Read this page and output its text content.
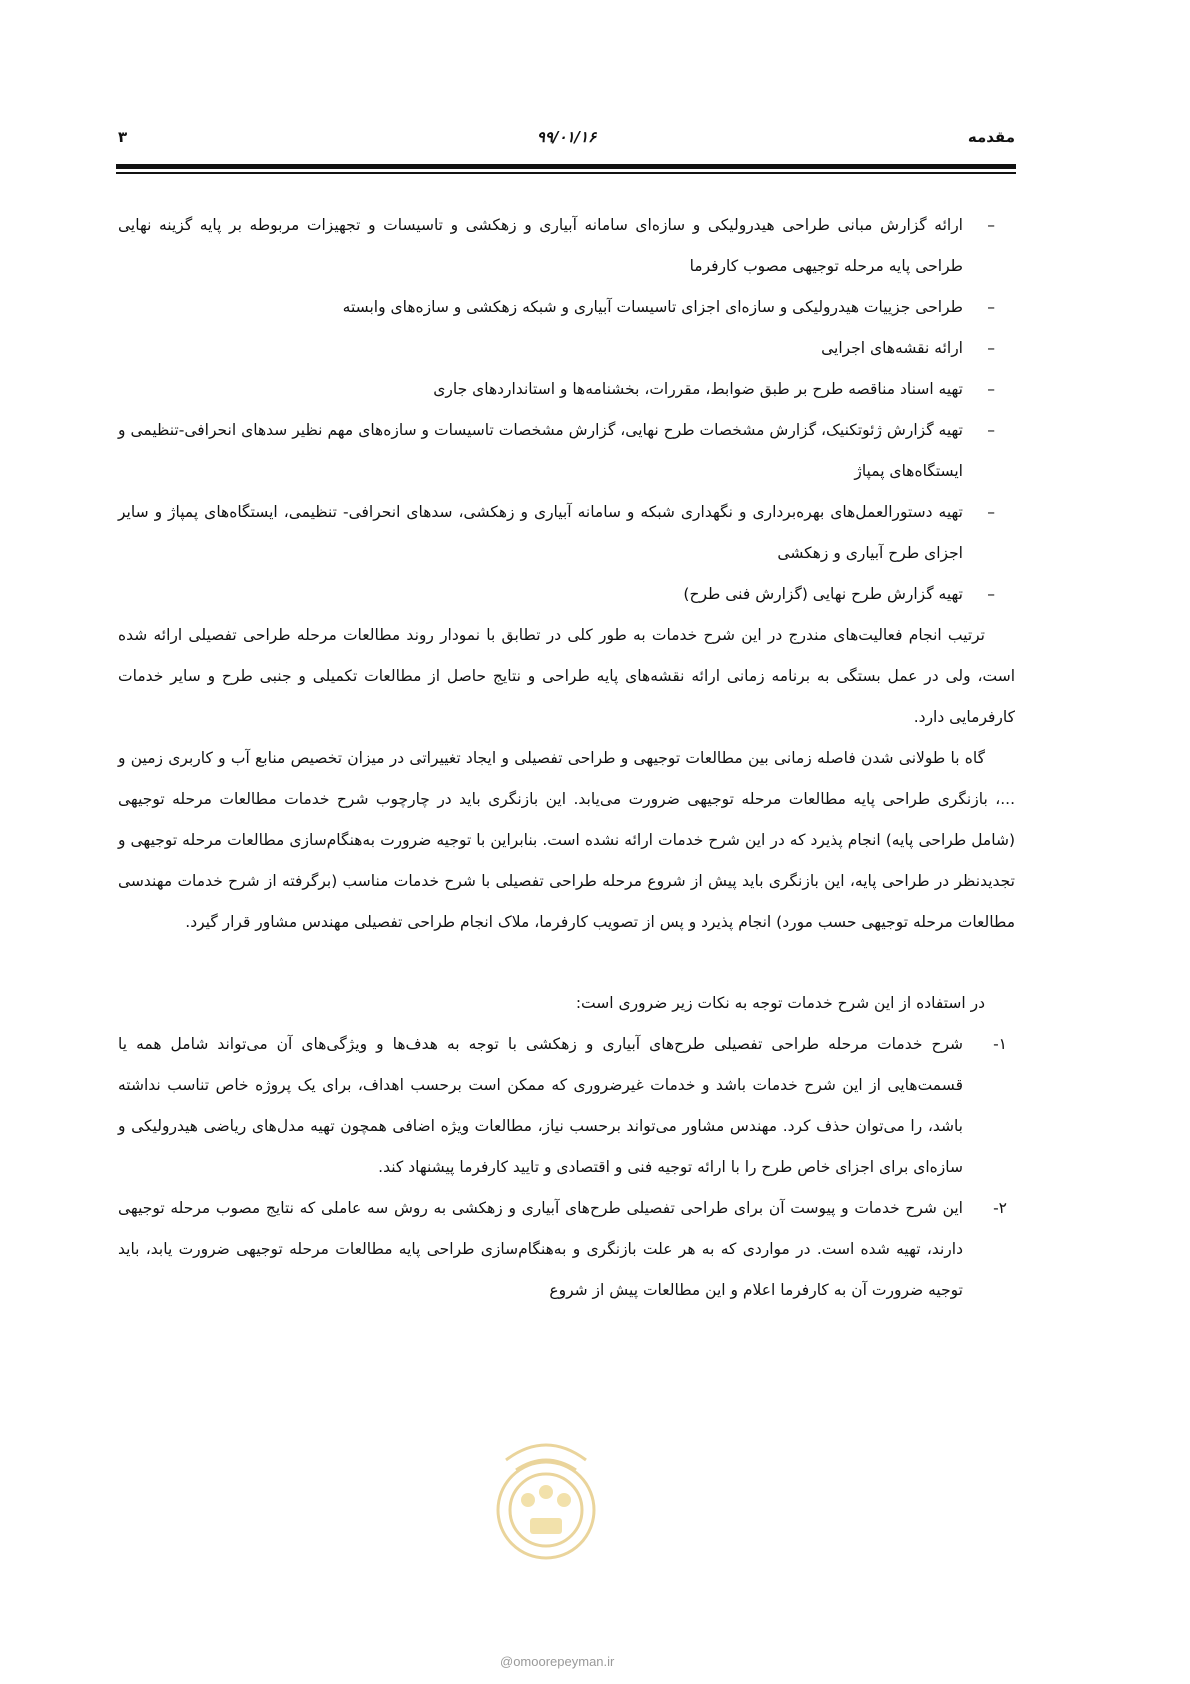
مقدمه
۹۹/۰۱/۱۶
۳
– ارائه گزارش مبانی طراحی هیدرولیکی و سازه‌ای سامانه آبیاری و زهکشی و تاسیسات و تجهیزات مربوطه بر پایه گزینه نهایی طراحی پایه مرحله توجیهی مصوب کارفرما
– طراحی جزییات هیدرولیکی و سازه‌ای اجزای تاسیسات آبیاری و شبکه زهکشی و سازه‌های وابسته
– ارائه نقشه‌های اجرایی
– تهیه اسناد مناقصه طرح بر طبق ضوابط، مقررات، بخشنامه‌ها و استانداردهای جاری
– تهیه گزارش ژئوتکنیک، گزارش مشخصات طرح نهایی، گزارش مشخصات تاسیسات و سازه‌های مهم نظیر سدهای انحرافی-تنظیمی و ایستگاه‌های پمپاژ
– تهیه دستورالعمل‌های بهره‌برداری و نگهداری شبکه و سامانه آبیاری و زهکشی، سدهای انحرافی- تنظیمی، ایستگاه‌های پمپاژ و سایر اجزای طرح آبیاری و زهکشی
– تهیه گزارش طرح نهایی (گزارش فنی طرح)

ترتیب انجام فعالیت‌های مندرج در این شرح خدمات به طور کلی در تطابق با نمودار روند مطالعات مرحله طراحی تفصیلی ارائه شده است، ولی در عمل بستگی به برنامه زمانی ارائه نقشه‌های پایه طراحی و نتایج حاصل از مطالعات تکمیلی و جنبی طرح و سایر خدمات کارفرمایی دارد.

گاه با طولانی شدن فاصله زمانی بین مطالعات توجیهی و طراحی تفصیلی و ایجاد تغییراتی در میزان تخصیص منابع آب و کاربری زمین و ...، بازنگری طراحی پایه مطالعات مرحله توجیهی ضرورت می‌یابد. این بازنگری باید در چارچوب شرح خدمات مطالعات مرحله توجیهی (شامل طراحی پایه) انجام پذیرد که در این شرح خدمات ارائه نشده است. بنابراین با توجیه ضرورت به‌هنگام‌سازی مطالعات مرحله توجیهی و تجدیدنظر در طراحی پایه، این بازنگری باید پیش از شروع مرحله طراحی تفصیلی با شرح خدمات مناسب (برگرفته از شرح خدمات مهندسی مطالعات مرحله توجیهی حسب مورد) انجام پذیرد و پس از تصویب کارفرما، ملاک انجام طراحی تفصیلی مهندس مشاور قرار گیرد.

در استفاده از این شرح خدمات توجه به نکات زیر ضروری است:

۱-
شرح خدمات مرحله طراحی تفصیلی طرح‌های آبیاری و زهکشی با توجه به هدف‌ها و ویژگی‌های آن می‌تواند شامل همه یا قسمت‌هایی از این شرح خدمات باشد و خدمات غیرضروری که ممکن است برحسب اهداف، برای یک پروژه خاص تناسب نداشته باشد، را می‌توان حذف کرد. مهندس مشاور می‌تواند برحسب نیاز، مطالعات ویژه اضافی همچون تهیه مدل‌های ریاضی هیدرولیکی و سازه‌ای برای اجزای خاص طرح را با ارائه توجیه فنی و اقتصادی و تایید کارفرما پیشنهاد کند.
۲-
این شرح خدمات و پیوست آن برای طراحی تفصیلی طرح‌های آبیاری و زهکشی به روش سه عاملی که نتایج مصوب مرحله توجیهی دارند، تهیه شده است. در مواردی که به هر علت بازنگری و به‌هنگام‌سازی طراحی پایه مطالعات مرحله توجیهی ضرورت یابد، باید توجیه ضرورت آن به کارفرما اعلام و این مطالعات پیش از شروع
@omoorepeyman.ir
